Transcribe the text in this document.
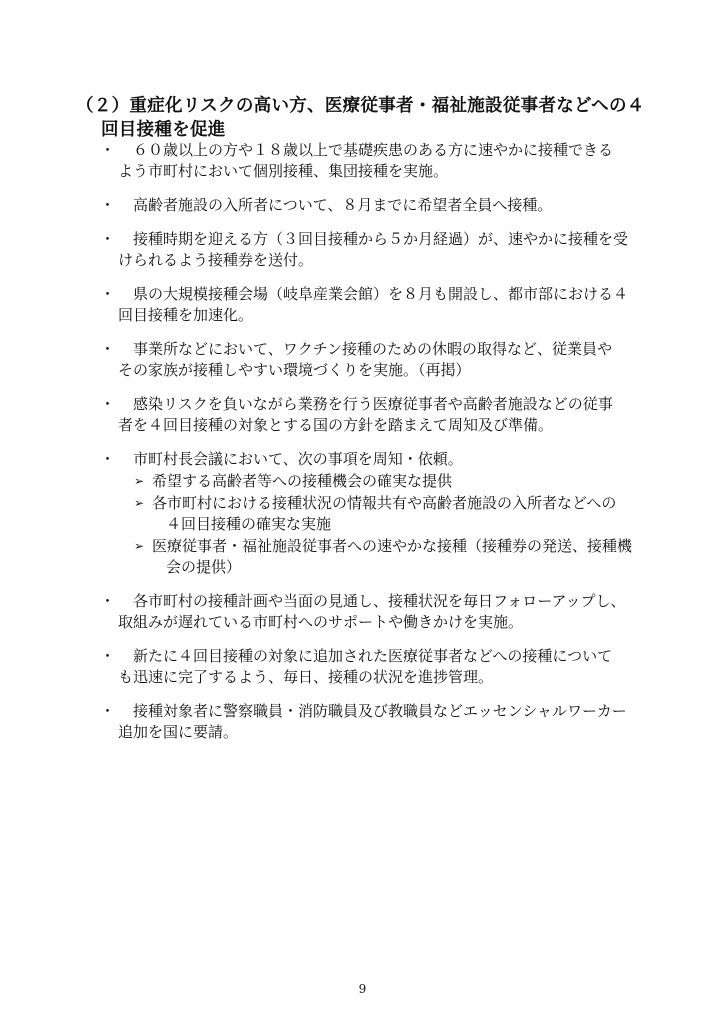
（２）重症化リスクの高い方、医療従事者・福祉施設従事者などへの４
回目接種を促進
・ 　６０歳以上の方や１８歳以上で基礎疾患のある方に速やかに接種できる
よう市町村において個別接種、集団接種を実施。
・ 　高齢者施設の入所者について、８月までに希望者全員へ接種。
・ 　接種時期を迎える方（３回目接種から５か月経過）が、速やかに接種を受
けられるよう接種券を送付。
・ 　県の大規模接種会場（岐阜産業会館）を８月も開設し、都市部における４
回目接種を加速化。
・ 　事業所などにおいて、ワクチン接種のための休暇の取得など、従業員や
その家族が接種しやすい環境づくりを実施。（再掲）
・ 　感染リスクを負いながら業務を行う医療従事者や高齢者施設などの従事
者を４回目接種の対象とする国の方針を踏まえて周知及び準備。
・ 　市町村長会議において、次の事項を周知・依頼。
➢ 希望する高齢者等への接種機会の確実な提供
➢ 各市町村における接種状況の情報共有や高齢者施設の入所者などへの
４回目接種の確実な実施
➢ 医療従事者・福祉施設従事者への速やかな接種（接種券の発送、接種機
会の提供）
・ 　各市町村の接種計画や当面の見通し、接種状況を毎日フォローアップし、
取組みが遅れている市町村へのサポートや働きかけを実施。
・ 　新たに４回目接種の対象に追加された医療従事者などへの接種について
も迅速に完了するよう、毎日、接種の状況を進捗管理。
・ 　接種対象者に警察職員・消防職員及び教職員などエッセンシャルワーカー
追加を国に要請。
9
